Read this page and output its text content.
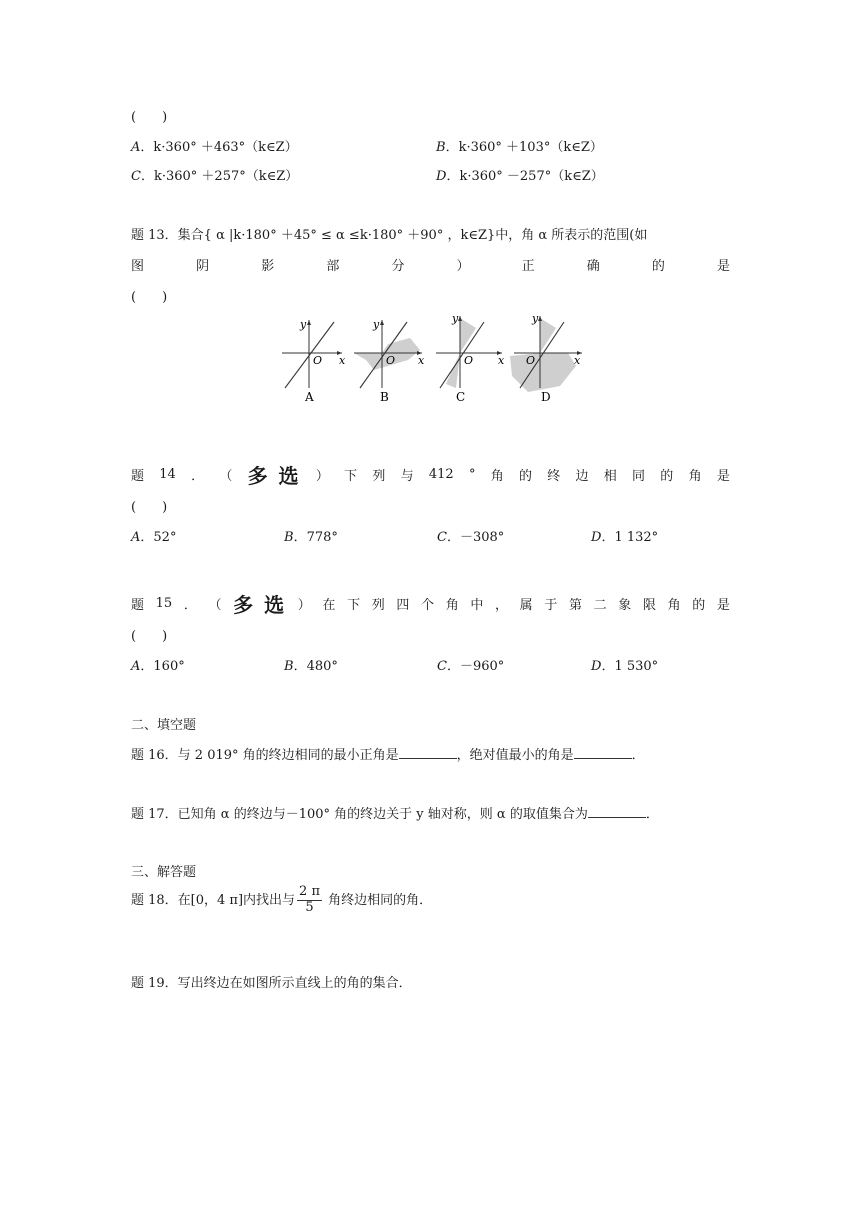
(　　)
A．k·360° ＋463°（k∈Z）	B．k·360° ＋103°（k∈Z）
C．k·360° ＋257°（k∈Z）	D．k·360° －257°（k∈Z）
题 13．集合{ α |k·180° ＋45° ≤ α ≤k·180° ＋90° ，k∈Z}中，角 α 所表示的范围(如
图	阴	影	部	分	）	正	确	的	是
(　　)
y
O x
A
y
O x
B
y
O x
C
y
O	x
D
题 14 ． （ 多 选 ） 下 列 与 412 ° 角 的 终 边 相 同 的 角 是
(　　)
A．52°	B．778°	C．－308°	D．1 132°
题 15 ． （ 多 选 ） 在 下 列 四 个 角 中 ， 属 于 第 二 象 限 角 的 是
(　　)
A．160°	B．480°	C．－960°	D．1 530°
二、填空题
题 16．与 2 019° 角的终边相同的最小正角是	，绝对值最小的角是	．
题 17．已知角 α 的终边与－100° 角的终边关于 y 轴对称，则 α 的取值集合为	．
三、解答题
题 18．在[0，4 π]内找出与 $\frac{2 \pi}{5}$ 角终边相同的角．
题 19．写出终边在如图所示直线上的角的集合．
